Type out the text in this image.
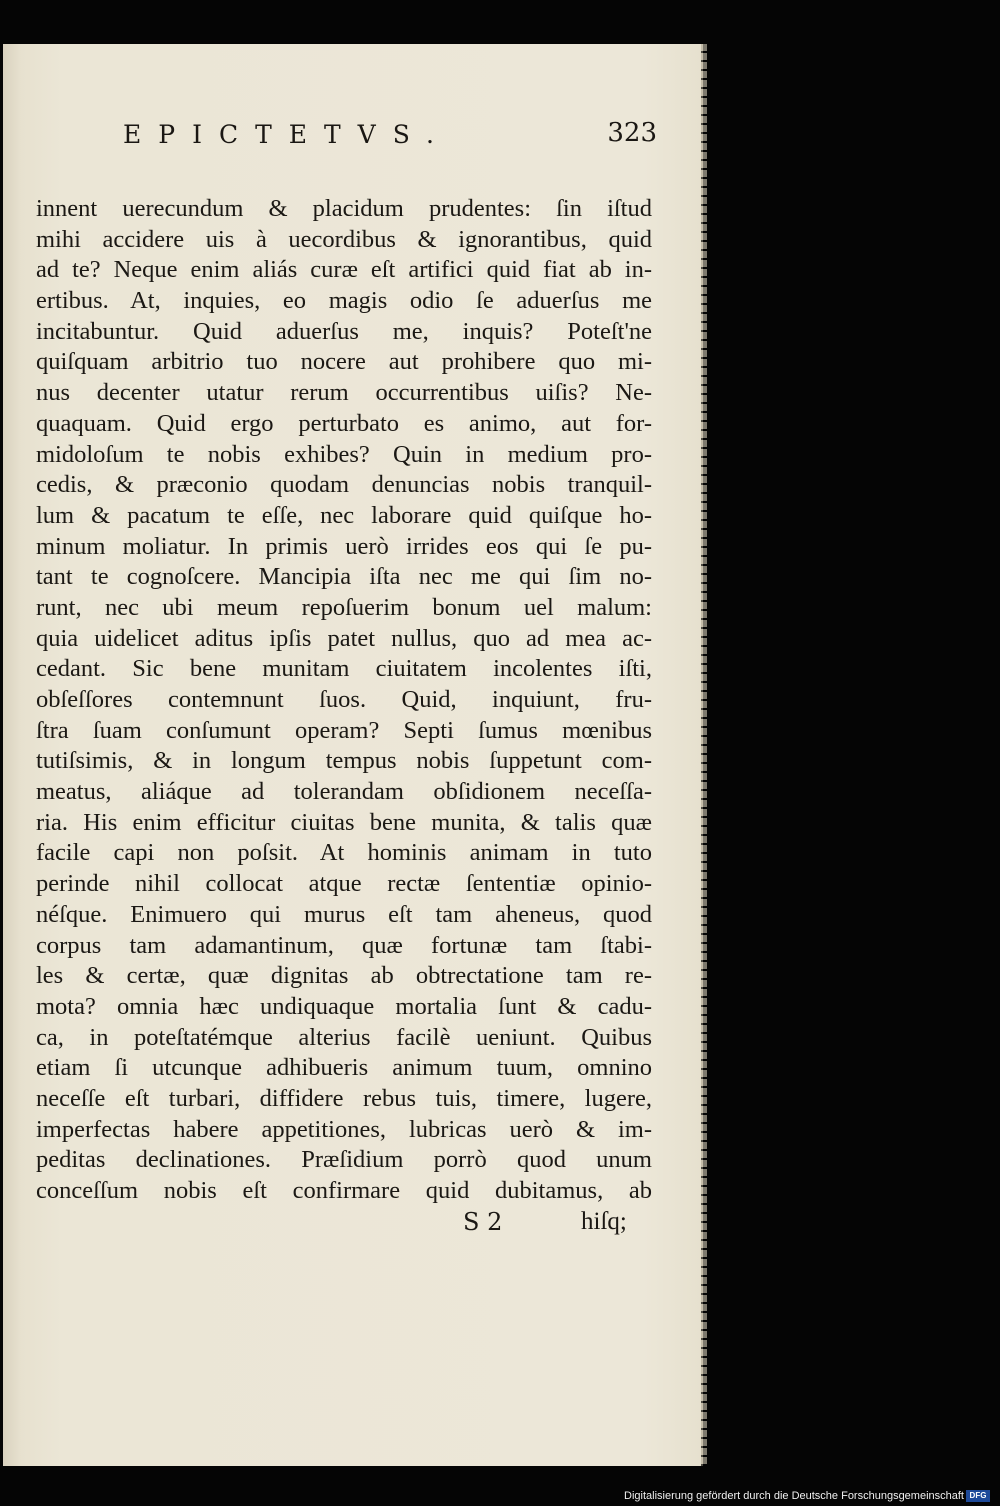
EPICTETVS.	323
innent uerecundum & placidum prudentes: ſin iſtud
mihi accidere uis à uecordibus & ignorantibus, quid
ad te? Neque enim aliás curæ eſt artifici quid fiat ab in-
ertibus. At, inquies, eo magis odio ſe aduerſus me
incitabuntur. Quid aduerſus me, inquis? Poteſt'ne
quiſquam arbitrio tuo nocere aut prohibere quo mi-
nus decenter utatur rerum occurrentibus uiſis? Ne-
quaquam. Quid ergo perturbato es animo, aut for-
midoloſum te nobis exhibes? Quin in medium pro-
cedis, & præconio quodam denuncias nobis tranquil-
lum & pacatum te eſſe, nec laborare quid quiſque ho-
minum moliatur. In primis uerò irrides eos qui ſe pu-
tant te cognoſcere. Mancipia iſta nec me qui ſim no-
runt, nec ubi meum repoſuerim bonum uel malum:
quia uidelicet aditus ipſis patet nullus, quo ad mea ac-
cedant. Sic bene munitam ciuitatem incolentes iſti,
obſeſſores contemnunt ſuos. Quid, inquiunt, fru-
ſtra ſuam conſumunt operam? Septi ſumus mœnibus
tutiſsimis, & in longum tempus nobis ſuppetunt com-
meatus, aliáque ad tolerandam obſidionem neceſſa-
ria. His enim efficitur ciuitas bene munita, & talis quæ
facile capi non poſsit. At hominis animam in tuto
perinde nihil collocat atque rectæ ſententiæ opinio-
néſque. Enimuero qui murus eſt tam aheneus, quod
corpus tam adamantinum, quæ fortunæ tam ſtabi-
les & certæ, quæ dignitas ab obtrectatione tam re-
mota? omnia hæc undiquaque mortalia ſunt & cadu-
ca, in poteſtatémque alterius facilè ueniunt. Quibus
etiam ſi utcunque adhibueris animum tuum, omnino
neceſſe eſt turbari, diffidere rebus tuis, timere, lugere,
imperfectas habere appetitiones, lubricas uerò & im-
peditas declinationes. Præſidium porrò quod unum
conceſſum nobis eſt confirmare quid dubitamus, ab
S 2	hiſq;
Digitalisierung gefördert durch die Deutsche Forschungsgemeinschaft DFG
